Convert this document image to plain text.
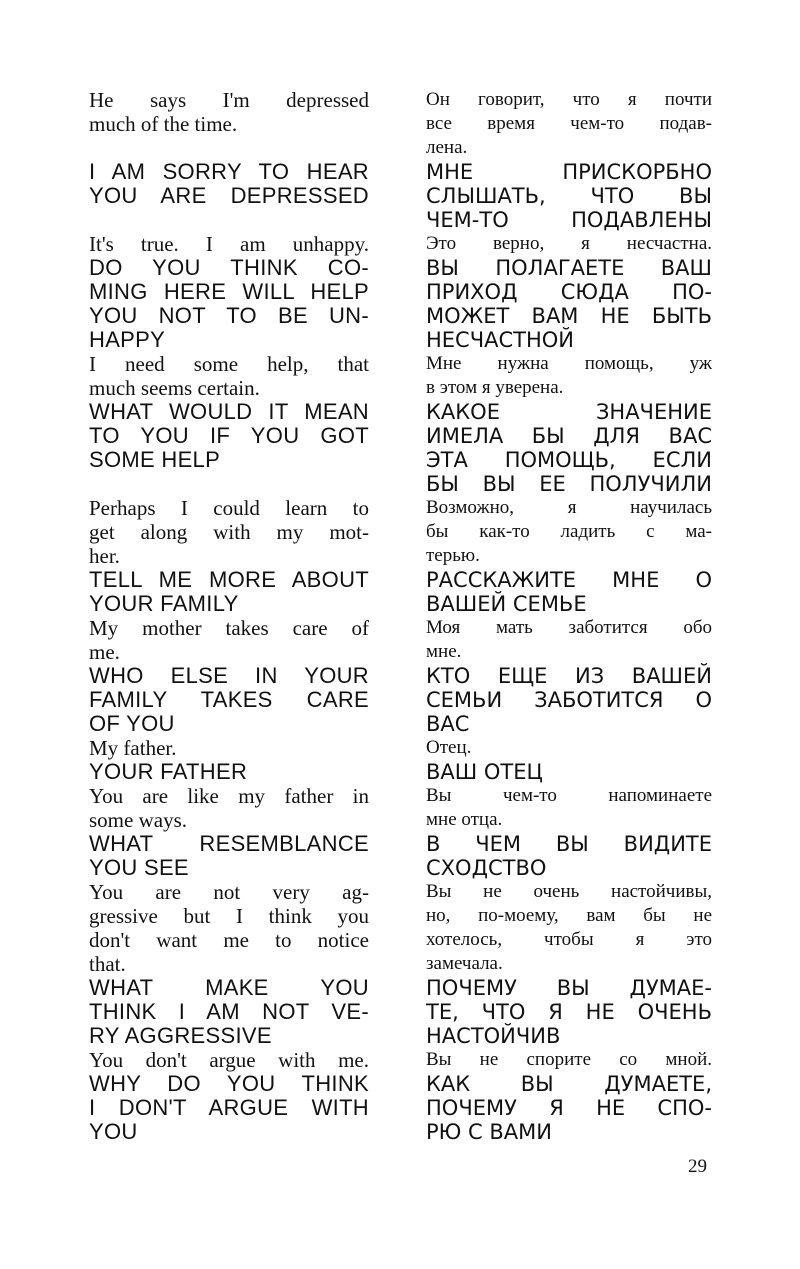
He says I'm depressed
much of the time.
I AM SORRY TO HEAR
YOU ARE DEPRESSED
It's true. I am unhappy.
DO YOU THINK CO-
MING HERE WILL HELP
YOU NOT TO BE UN-
HAPPY
I need some help, that
much seems certain.
WHAT WOULD IT MEAN
TO YOU IF YOU GOT
SOME HELP
Perhaps I could learn to
get along with my mot-
her.
TELL ME MORE ABOUT
YOUR FAMILY
My mother takes care of
me.
WHO ELSE IN YOUR
FAMILY TAKES CARE
OF YOU
My father.
YOUR FATHER
You are like my father in
some ways.
WHAT RESEMBLANCE
YOU SEE
You are not very ag-
gressive but I think you
don't want me to notice
that.
WHAT MAKE YOU
THINK I AM NOT VE-
RY AGGRESSIVE
You don't argue with me.
WHY DO YOU THINK
I DON'T ARGUE WITH
YOU
Он говорит, что я почти
все время чем-то подав-
лена.
МНЕ ПРИСКОРБНО
СЛЫШАТЬ, ЧТО ВЫ
ЧЕМ-ТО ПОДАВЛЕНЫ
Это верно, я несчастна.
ВЫ ПОЛАГАЕТЕ ВАШ
ПРИХОД СЮДА ПО-
МОЖЕТ ВАМ НЕ БЫТЬ
НЕСЧАСТНОЙ
Мне нужна помощь, уж
в этом я уверена.
КАКОЕ ЗНАЧЕНИЕ
ИМЕЛА БЫ ДЛЯ ВАС
ЭТА ПОМОЩЬ, ЕСЛИ
БЫ ВЫ ЕЕ ПОЛУЧИЛИ
Возможно, я научилась
бы как-то ладить с ма-
терью.
РАССКАЖИТЕ МНЕ О
ВАШЕЙ СЕМЬЕ
Моя мать заботится обо
мне.
КТО ЕЩЕ ИЗ ВАШЕЙ
СЕМЬИ ЗАБОТИТСЯ О
ВАС
Отец.
ВАШ ОТЕЦ
Вы чем-то напоминаете
мне отца.
В ЧЕМ ВЫ ВИДИТЕ
СХОДСТВО
Вы не очень настойчивы,
но, по-моему, вам бы не
хотелось, чтобы я это
замечала.
ПОЧЕМУ ВЫ ДУМАЕ-
ТЕ, ЧТО Я НЕ ОЧЕНЬ
НАСТОЙЧИВ
Вы не спорите со мной.
КАК ВЫ ДУМАЕТЕ,
ПОЧЕМУ Я НЕ СПО-
РЮ С ВАМИ
29
